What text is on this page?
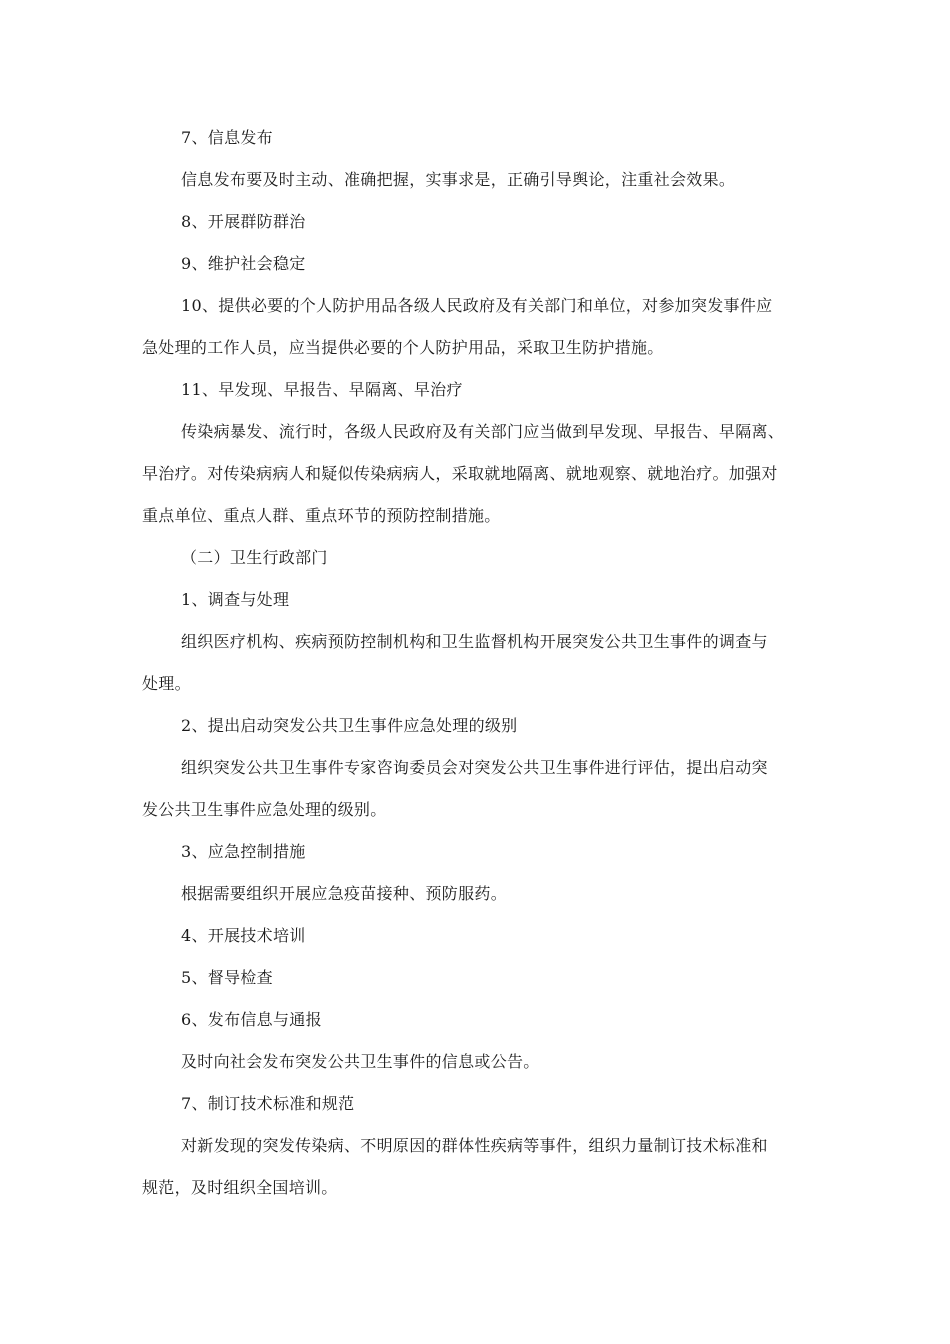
7、信息发布
信息发布要及时主动、准确把握，实事求是，正确引导舆论，注重社会效果。
8、开展群防群治
9、维护社会稳定
10、提供必要的个人防护用品各级人民政府及有关部门和单位，对参加突发事件应
急处理的工作人员，应当提供必要的个人防护用品，采取卫生防护措施。
11、早发现、早报告、早隔离、早治疗
传染病暴发、流行时，各级人民政府及有关部门应当做到早发现、早报告、早隔离、
早治疗。对传染病病人和疑似传染病病人，采取就地隔离、就地观察、就地治疗。加强对
重点单位、重点人群、重点环节的预防控制措施。
（二）卫生行政部门
1、调查与处理
组织医疗机构、疾病预防控制机构和卫生监督机构开展突发公共卫生事件的调查与
处理。
2、提出启动突发公共卫生事件应急处理的级别
组织突发公共卫生事件专家咨询委员会对突发公共卫生事件进行评估，提出启动突
发公共卫生事件应急处理的级别。
3、应急控制措施
根据需要组织开展应急疫苗接种、预防服药。
4、开展技术培训
5、督导检查
6、发布信息与通报
及时向社会发布突发公共卫生事件的信息或公告。
7、制订技术标准和规范
对新发现的突发传染病、不明原因的群体性疾病等事件，组织力量制订技术标准和
规范，及时组织全国培训。
